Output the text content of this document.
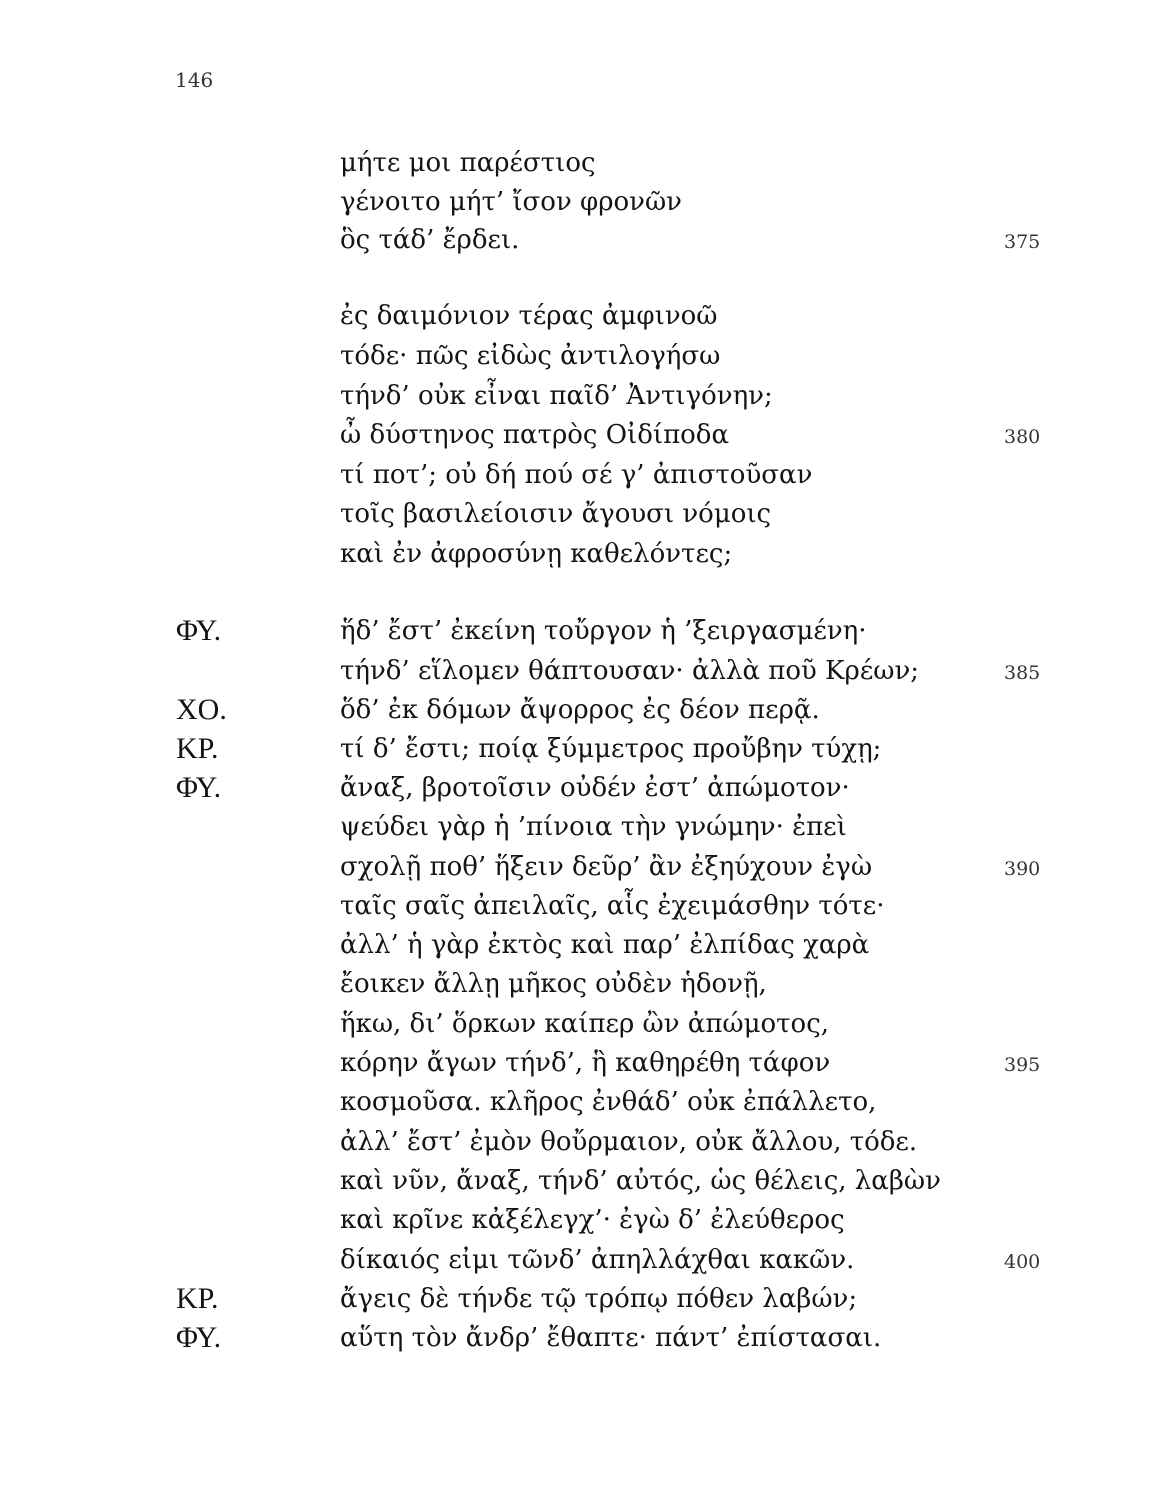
146
μήτε μοι παρέστιος
γένοιτο μήτ’ ἴσον φρονῶν
ὃς τάδ’ ἔρδει.	375
ἐς δαιμόνιον τέρας ἀμφινοῶ
τόδε· πῶς εἰδὼς ἀντιλογήσω
τήνδ’ οὐκ εἶναι παῖδ’ Ἀντιγόνην;
ὦ δύστηνος πατρὸς Οἰδίποδα	380
τί ποτ’; οὐ δή πού σέ γ’ ἀπιστοῦσαν
τοῖς βασιλείοισιν ἄγουσι νόμοις
καὶ ἐν ἀφροσύνῃ καθελόντες;
ΦΥ.	ἥδ’ ἔστ’ ἐκείνη τοὔργον ἡ ’ξειργασμένη·
τήνδ’ εἵλομεν θάπτουσαν· ἀλλὰ ποῦ Κρέων;	385
ΧΟ.	ὅδ’ ἐκ δόμων ἄψορρος ἐς δέον περᾷ.
ΚΡ.	τί δ’ ἔστι; ποίᾳ ξύμμετρος προὔβην τύχῃ;
ΦΥ.	ἄναξ, βροτοῖσιν οὐδέν ἐστ’ ἀπώμοτον·
ψεύδει γὰρ ἡ ’πίνοια τὴν γνώμην· ἐπεὶ
σχολῇ ποθ’ ἥξειν δεῦρ’ ἂν ἐξηύχουν ἐγὼ	390
ταῖς σαῖς ἀπειλαῖς, αἷς ἐχειμάσθην τότε·
ἀλλ’ ἡ γὰρ ἐκτὸς καὶ παρ’ ἐλπίδας χαρὰ
ἔοικεν ἄλλῃ μῆκος οὐδὲν ἡδονῇ,
ἥκω, δι’ ὅρκων καίπερ ὢν ἀπώμοτος,
κόρην ἄγων τήνδ’, ἣ καθηρέθη τάφον	395
κοσμοῦσα. κλῆρος ἐνθάδ’ οὐκ ἐπάλλετο,
ἀλλ’ ἔστ’ ἐμὸν θοὔρμαιον, οὐκ ἄλλου, τόδε.
καὶ νῦν, ἄναξ, τήνδ’ αὐτός, ὡς θέλεις, λαβὼν
καὶ κρῖνε κἀξέλεγχ’· ἐγὼ δ’ ἐλεύθερος
δίκαιός εἰμι τῶνδ’ ἀπηλλάχθαι κακῶν.	400
ΚΡ.	ἄγεις δὲ τήνδε τῷ τρόπῳ πόθεν λαβών;
ΦΥ.	αὕτη τὸν ἄνδρ’ ἔθαπτε· πάντ’ ἐπίστασαι.
